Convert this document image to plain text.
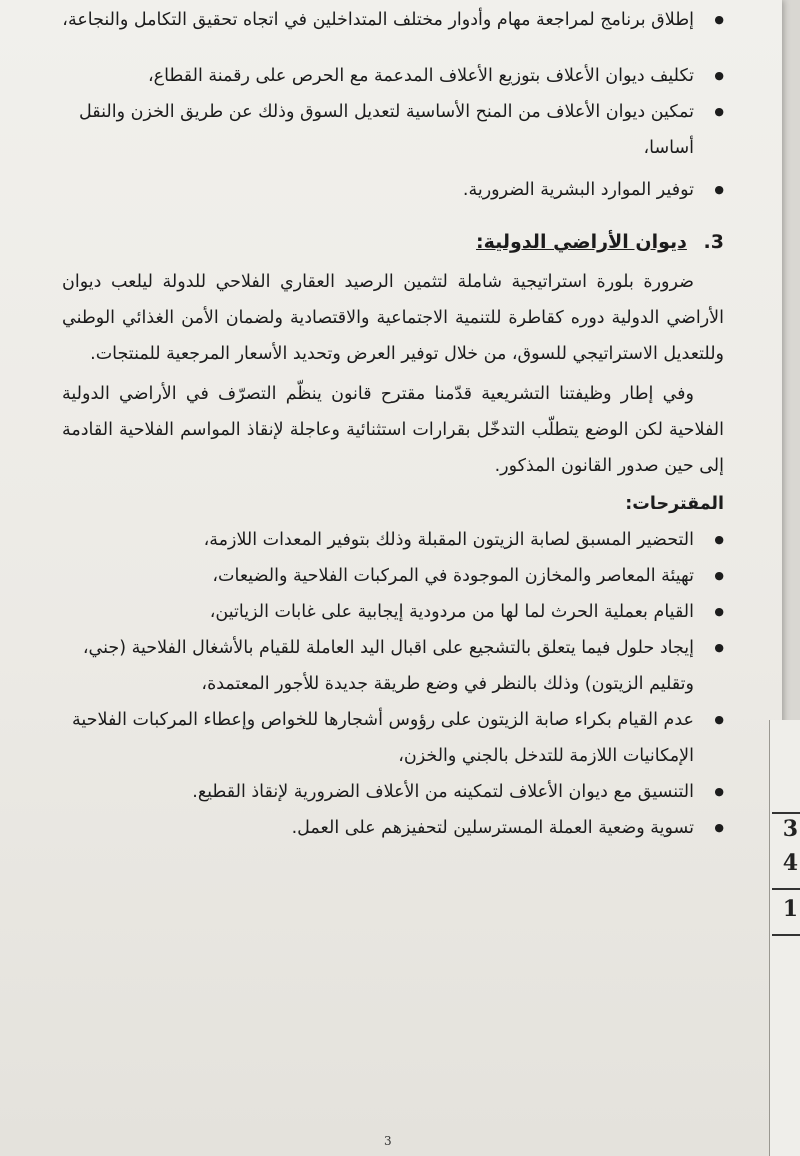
● إطلاق برنامج لمراجعة مهام وأدوار مختلف المتداخلين في اتجاه تحقيق التكامل والنجاعة،
● تكليف ديوان الأعلاف بتوزيع الأعلاف المدعمة مع الحرص على رقمنة القطاع،
● تمكين ديوان الأعلاف من المنح الأساسية لتعديل السوق وذلك عن طريق الخزن والنقل أساسا،
● توفير الموارد البشرية الضرورية.
3. ديوان الأراضي الدولية:
ضرورة بلورة استراتيجية شاملة لتثمين الرصيد العقاري الفلاحي للدولة ليلعب ديوان الأراضي الدولية دوره كقاطرة للتنمية الاجتماعية والاقتصادية ولضمان الأمن الغذائي الوطني وللتعديل الاستراتيجي للسوق، من خلال توفير العرض وتحديد الأسعار المرجعية للمنتجات.
وفي إطار وظيفتنا التشريعية قدّمنا مقترح قانون ينظّم التصرّف في الأراضي الدولية الفلاحية لكن الوضع يتطلّب التدخّل بقرارات استثنائية وعاجلة لإنقاذ المواسم الفلاحية القادمة إلى حين صدور القانون المذكور.
المقترحات:
● التحضير المسبق لصابة الزيتون المقبلة وذلك بتوفير المعدات اللازمة،
● تهيئة المعاصر والمخازن الموجودة في المركبات الفلاحية والضيعات،
● القيام بعملية الحرث لما لها من مردودية إيجابية على غابات الزياتين،
● إيجاد حلول فيما يتعلق بالتشجيع على اقبال اليد العاملة للقيام بالأشغال الفلاحية (جني، وتقليم الزيتون) وذلك بالنظر في وضع طريقة جديدة للأجور المعتمدة،
● عدم القيام بكراء صابة الزيتون على رؤوس أشجارها للخواص وإعطاء المركبات الفلاحية الإمكانيات اللازمة للتدخل بالجني والخزن،
● التنسيق مع ديوان الأعلاف لتمكينه من الأعلاف الضرورية لإنقاذ القطيع.
● تسوية وضعية العملة المسترسلين لتحفيزهم على العمل.
3
3
4
1
